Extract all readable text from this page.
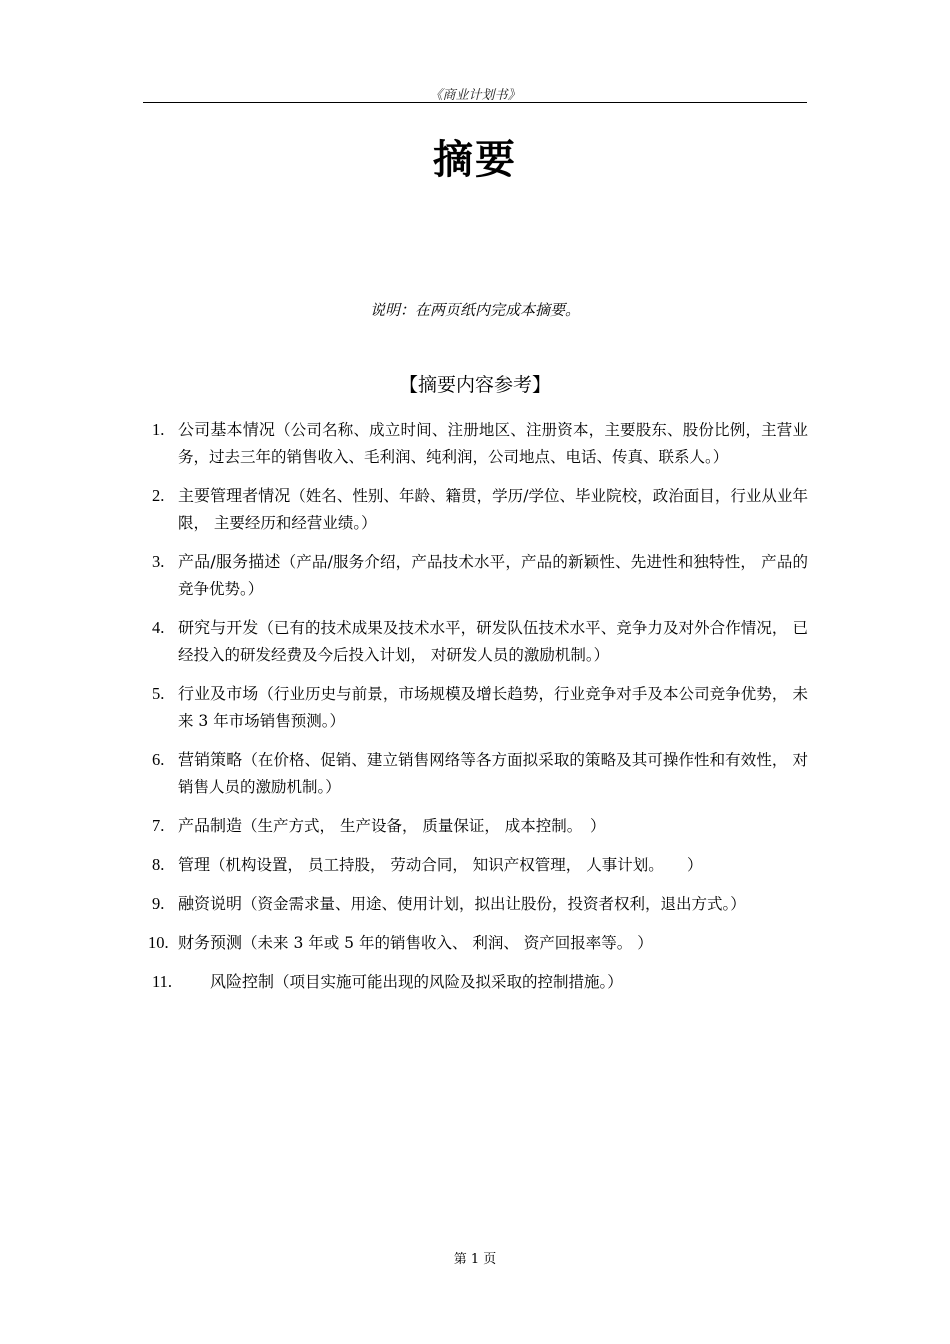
《商业计划书》
摘要
说明：在两页纸内完成本摘要。
【摘要内容参考】
1. 公司基本情况（公司名称、成立时间、注册地区、注册资本，主要股东、股份比例，主营业务，过去三年的销售收入、毛利润、纯利润，公司地点、电话、传真、联系人。）
2. 主要管理者情况（姓名、性别、年龄、籍贯，学历/学位、毕业院校，政治面目，行业从业年限， 主要经历和经营业绩。）
3. 产品/服务描述（产品/服务介绍，产品技术水平，产品的新颖性、先进性和独特性， 产品的竞争优势。）
4. 研究与开发（已有的技术成果及技术水平，研发队伍技术水平、竞争力及对外合作情况， 已经投入的研发经费及今后投入计划， 对研发人员的激励机制。）
5. 行业及市场（行业历史与前景，市场规模及增长趋势，行业竞争对手及本公司竞争优势， 未来 3 年市场销售预测。）
6. 营销策略（在价格、促销、建立销售网络等各方面拟采取的策略及其可操作性和有效性， 对销售人员的激励机制。）
7. 产品制造（生产方式， 生产设备， 质量保证， 成本控制。　）
8. 管理（机构设置， 员工持股， 劳动合同， 知识产权管理， 人事计划。　　）
9. 融资说明（资金需求量、用途、使用计划，拟出让股份，投资者权利，退出方式。）
10. 财务预测（未来 3 年或 5 年的销售收入、 利润、 资产回报率等。 ）
11. 风险控制（项目实施可能出现的风险及拟采取的控制措施。）
第 1 页
